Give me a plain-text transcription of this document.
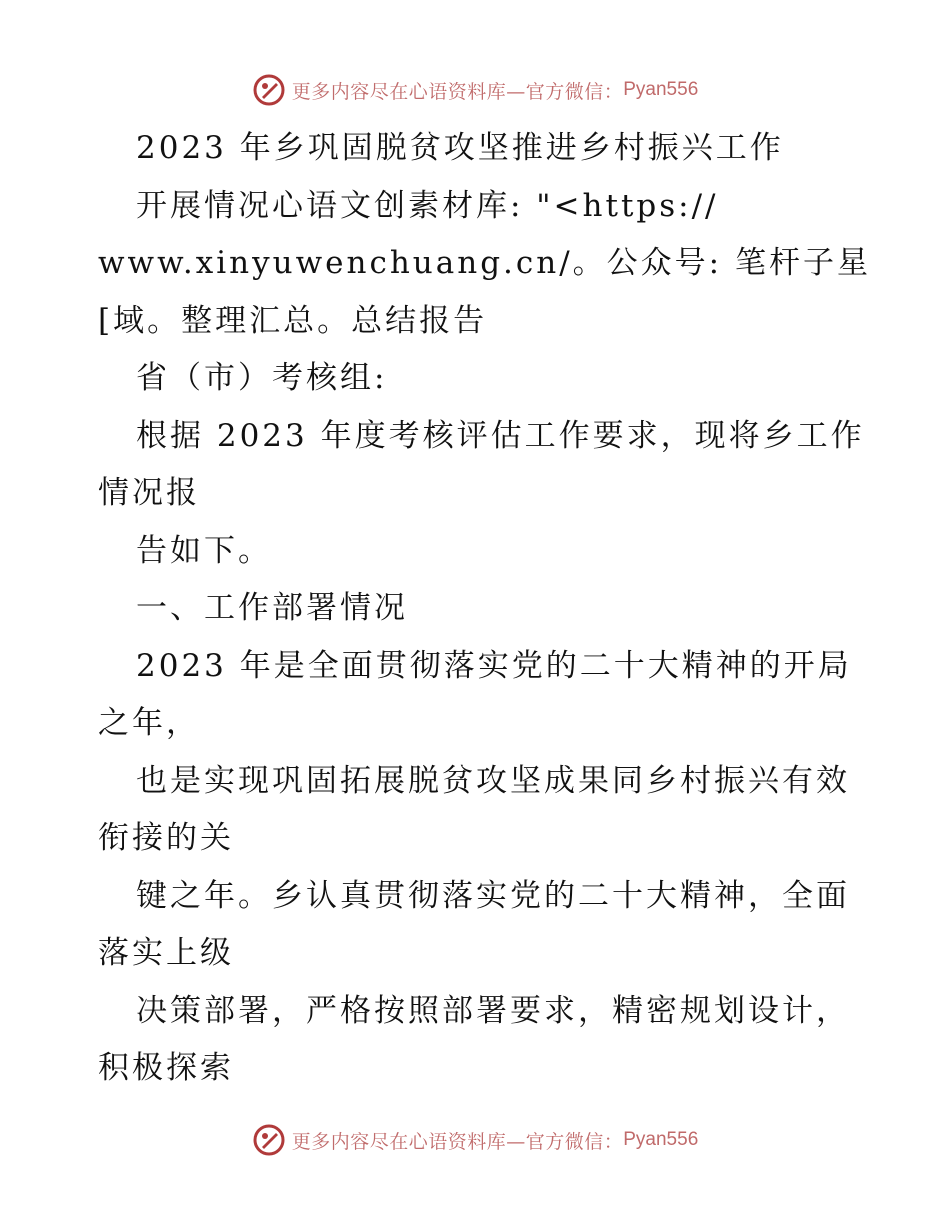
更多内容尽在心语资料库—官方微信： Pyan556
2023 年乡巩固脱贫攻坚推进乡村振兴工作
开展情况心语文创素材库: "<https://
www.xinyuwenchuang.cn/。公众号: 笔杆子星
[域。整理汇总。总结报告
省（市）考核组:
根据 2023 年度考核评估工作要求，现将乡工作
情况报
告如下。
一、工作部署情况
2023 年是全面贯彻落实党的二十大精神的开局
之年，
也是实现巩固拓展脱贫攻坚成果同乡村振兴有效
衔接的关
键之年。乡认真贯彻落实党的二十大精神，全面
落实上级
决策部署，严格按照部署要求，精密规划设计，
积极探索
更多内容尽在心语资料库—官方微信： Pyan556
